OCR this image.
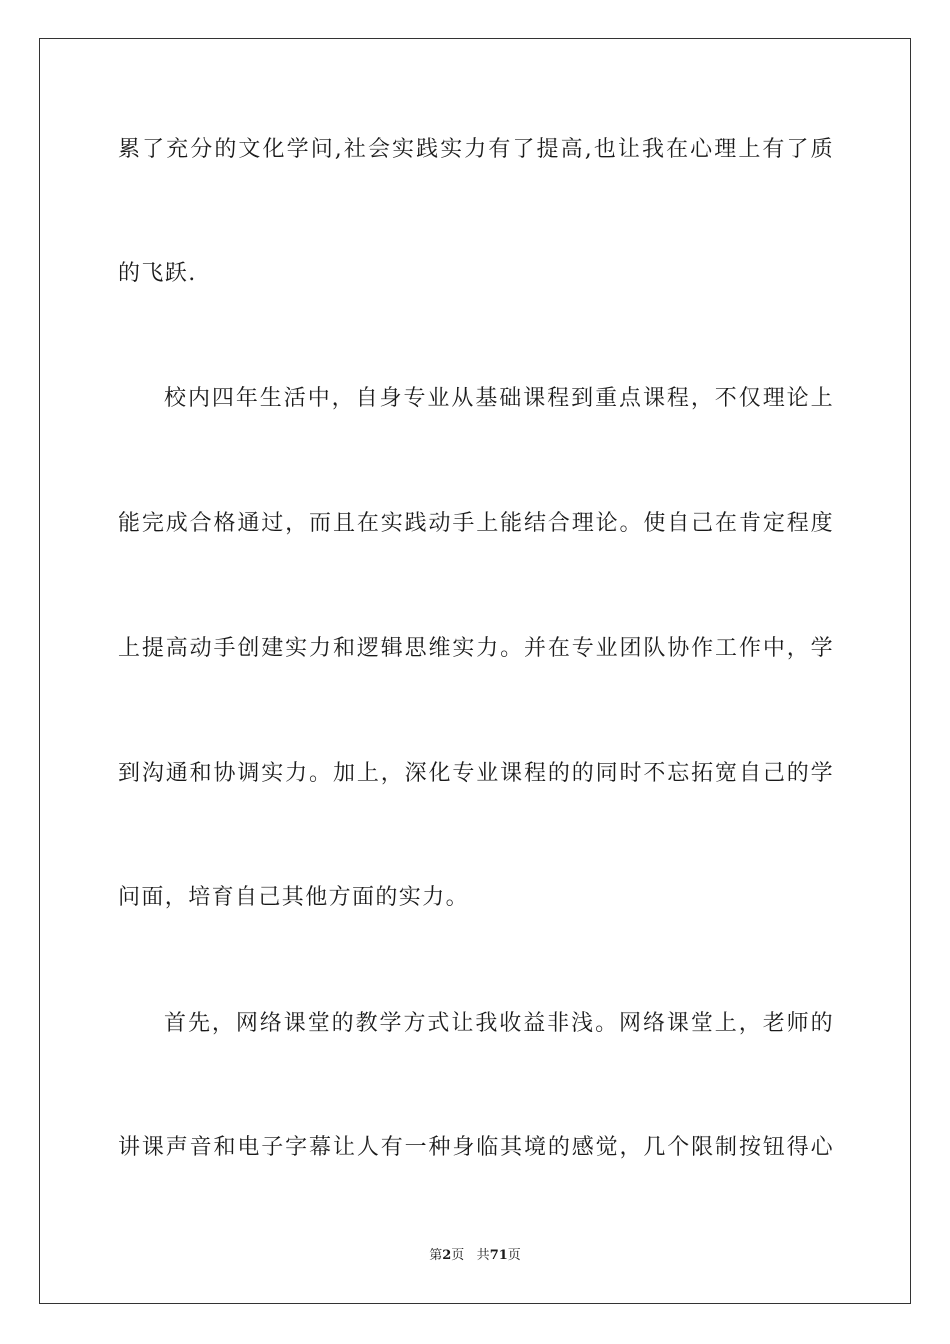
累了充分的文化学问,社会实践实力有了提高,也让我在心理上有了质
的飞跃.
校内四年生活中，自身专业从基础课程到重点课程，不仅理论上
能完成合格通过，而且在实践动手上能结合理论。使自己在肯定程度
上提高动手创建实力和逻辑思维实力。并在专业团队协作工作中，学
到沟通和协调实力。加上，深化专业课程的的同时不忘拓宽自己的学
问面，培育自己其他方面的实力。
首先，网络课堂的教学方式让我收益非浅。网络课堂上，老师的
讲课声音和电子字幕让人有一种身临其境的感觉，几个限制按钮得心
第2页 共71页
